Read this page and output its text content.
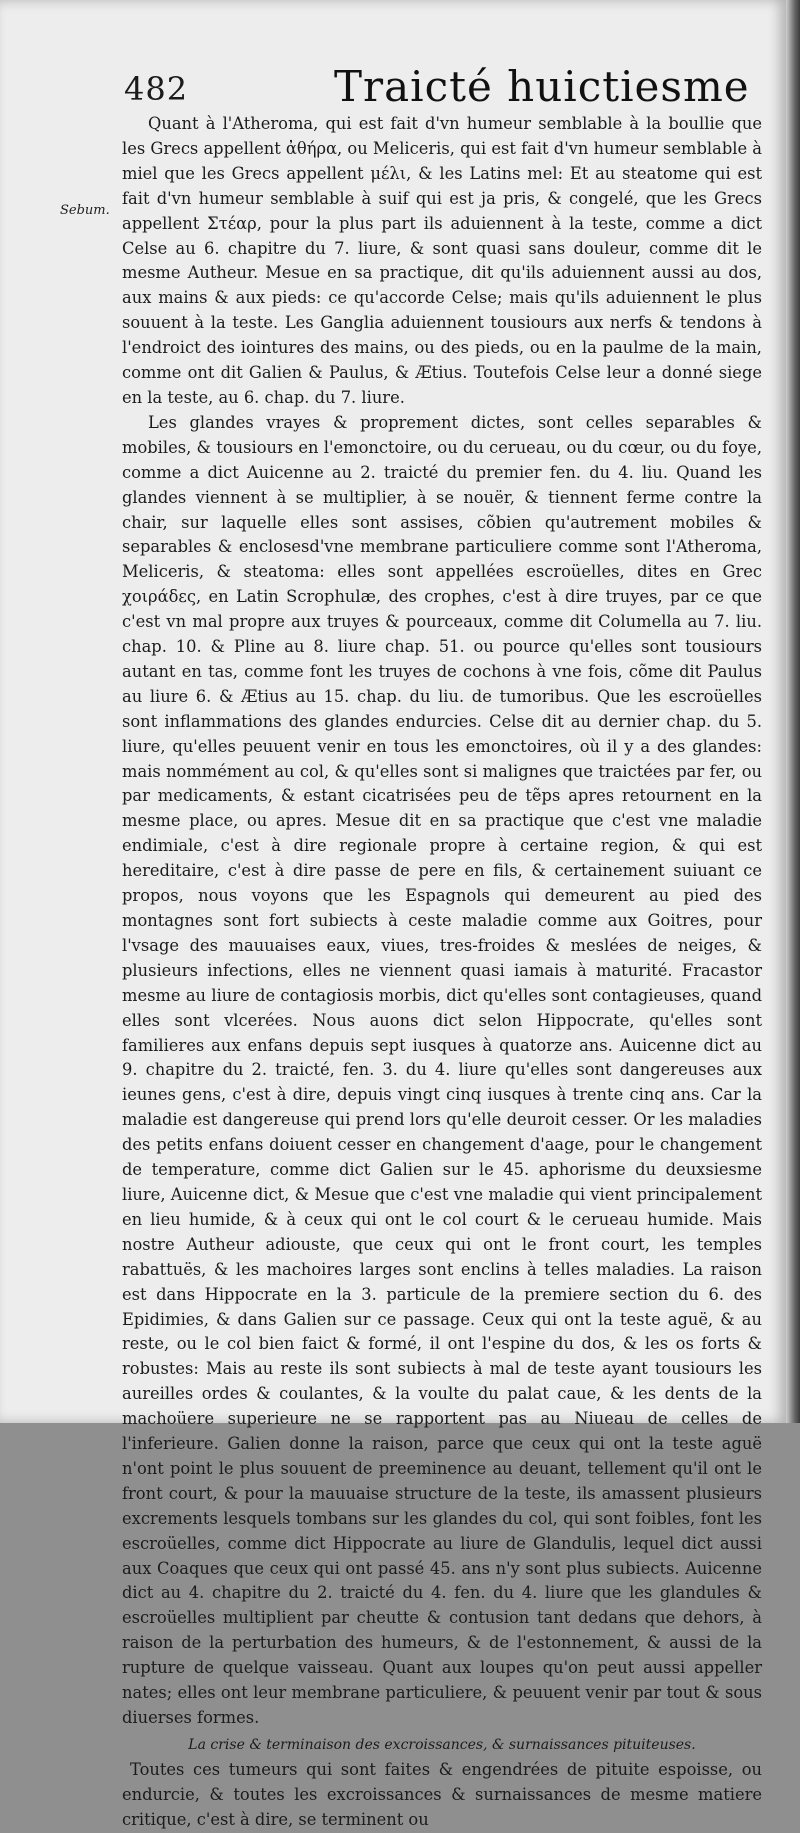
482	Traicté huictiesme
Sebum.

Quant à l'Atheroma, qui est fait d'vn humeur semblable à la boullie que les Grecs appellent ἀθήρα, ou Meliceris, qui est fait d'vn humeur semblable à miel que les Grecs appellent μέλι, & les Latins mel: Et au steatome qui est fait d'vn humeur semblable à suif qui est ja pris, & congelé, que les Grecs appellent Στέαρ, pour la plus part ils aduiennent à la teste, comme a dict Celse au 6. chapitre du 7. liure, & sont quasi sans douleur, comme dit le mesme Autheur. Mesue en sa practique, dit qu'ils aduiennent aussi au dos, aux mains & aux pieds: ce qu'accorde Celse; mais qu'ils aduiennent le plus souuent à la teste. Les Ganglia aduiennent tousiours aux nerfs & tendons à l'endroict des iointures des mains, ou des pieds, ou en la paulme de la main, comme ont dit Galien & Paulus, & Ætius. Toutefois Celse leur a donné siege en la teste, au 6. chap. du 7. liure.

Les glandes vrayes & proprement dictes, sont celles separables & mobiles, & tousiours en l'emonctoire, ou du cerueau, ou du cœur, ou du foye, comme a dict Auicenne au 2. traicté du premier fen. du 4. liu. Quand les glandes viennent à se multiplier, à se nouër, & tiennent ferme contre la chair, sur laquelle elles sont assises, cõbien qu'autrement mobiles & separables & enclosesd'vne membrane particuliere comme sont l'Atheroma, Meliceris, & steatoma: elles sont appellées escroüelles, dites en Grec χοιράδες, en Latin Scrophulæ, des crophes, c'est à dire truyes, par ce que c'est vn mal propre aux truyes & pourceaux, comme dit Columella au 7. liu. chap. 10. & Pline au 8. liure chap. 51. ou pource qu'elles sont tousiours autant en tas, comme font les truyes de cochons à vne fois, cõme dit Paulus au liure 6. & Ætius au 15. chap. du liu. de tumoribus. Que les escroüelles sont inflammations des glandes endurcies. Celse dit au dernier chap. du 5. liure, qu'elles peuuent venir en tous les emonctoires, où il y a des glandes: mais nommément au col, & qu'elles sont si malignes que traictées par fer, ou par medicaments, & estant cicatrisées peu de tẽps apres retournent en la mesme place, ou apres. Mesue dit en sa practique que c'est vne maladie endimiale, c'est à dire regionale propre à certaine region, & qui est hereditaire, c'est à dire passe de pere en fils, & certainement suiuant ce propos, nous voyons que les Espagnols qui demeurent au pied des montagnes sont fort subiects à ceste maladie comme aux Goitres, pour l'vsage des mauuaises eaux, viues, tres-froides & meslées de neiges, & plusieurs infections, elles ne viennent quasi iamais à maturité. Fracastor mesme au liure de contagiosis morbis, dict qu'elles sont contagieuses, quand elles sont vlcerées. Nous auons dict selon Hippocrate, qu'elles sont familieres aux enfans depuis sept iusques à quatorze ans. Auicenne dict au 9. chapitre du 2. traicté, fen. 3. du 4. liure qu'elles sont dangereuses aux ieunes gens, c'est à dire, depuis vingt cinq iusques à trente cinq ans. Car la maladie est dangereuse qui prend lors qu'elle deuroit cesser. Or les maladies des petits enfans doiuent cesser en changement d'aage, pour le changement de temperature, comme dict Galien sur le 45. aphorisme du deuxsiesme liure, Auicenne dict, & Mesue que c'est vne maladie qui vient principalement en lieu humide, & à ceux qui ont le col court & le cerueau humide. Mais nostre Autheur adiouste, que ceux qui ont le front court, les temples rabattuës, & les machoires larges sont enclins à telles maladies. La raison est dans Hippocrate en la 3. particule de la premiere section du 6. des Epidimies, & dans Galien sur ce passage. Ceux qui ont la teste aguë, & au reste, ou le col bien faict & formé, il ont l'espine du dos, & les os forts & robustes: Mais au reste ils sont subiects à mal de teste ayant tousiours les aureilles ordes & coulantes, & la voulte du palat caue, & les dents de la machoüere superieure ne se rapportent pas au Niueau de celles de l'inferieure. Galien donne la raison, parce que ceux qui ont la teste aguë n'ont point le plus souuent de preeminence au deuant, tellement qu'il ont le front court, & pour la mauuaise structure de la teste, ils amassent plusieurs excrements lesquels tombans sur les glandes du col, qui sont foibles, font les escroüelles, comme dict Hippocrate au liure de Glandulis, lequel dict aussi aux Coaques que ceux qui ont passé 45. ans n'y sont plus subiects. Auicenne dict au 4. chapitre du 2. traicté du 4. fen. du 4. liure que les glandules & escroüelles multiplient par cheutte & contusion tant dedans que dehors, à raison de la perturbation des humeurs, & de l'estonnement, & aussi de la rupture de quelque vaisseau. Quant aux loupes qu'on peut aussi appeller nates; elles ont leur membrane particuliere, & peuuent venir par tout & sous diuerses formes.

La crise & terminaison des excroissances, & surnaissances pituiteuses.

Toutes ces tumeurs qui sont faites & engendrées de pituite espoisse, ou endurcie, & toutes les excroissances & surnaissances de mesme matiere critique, c'est à dire, se terminent ou
